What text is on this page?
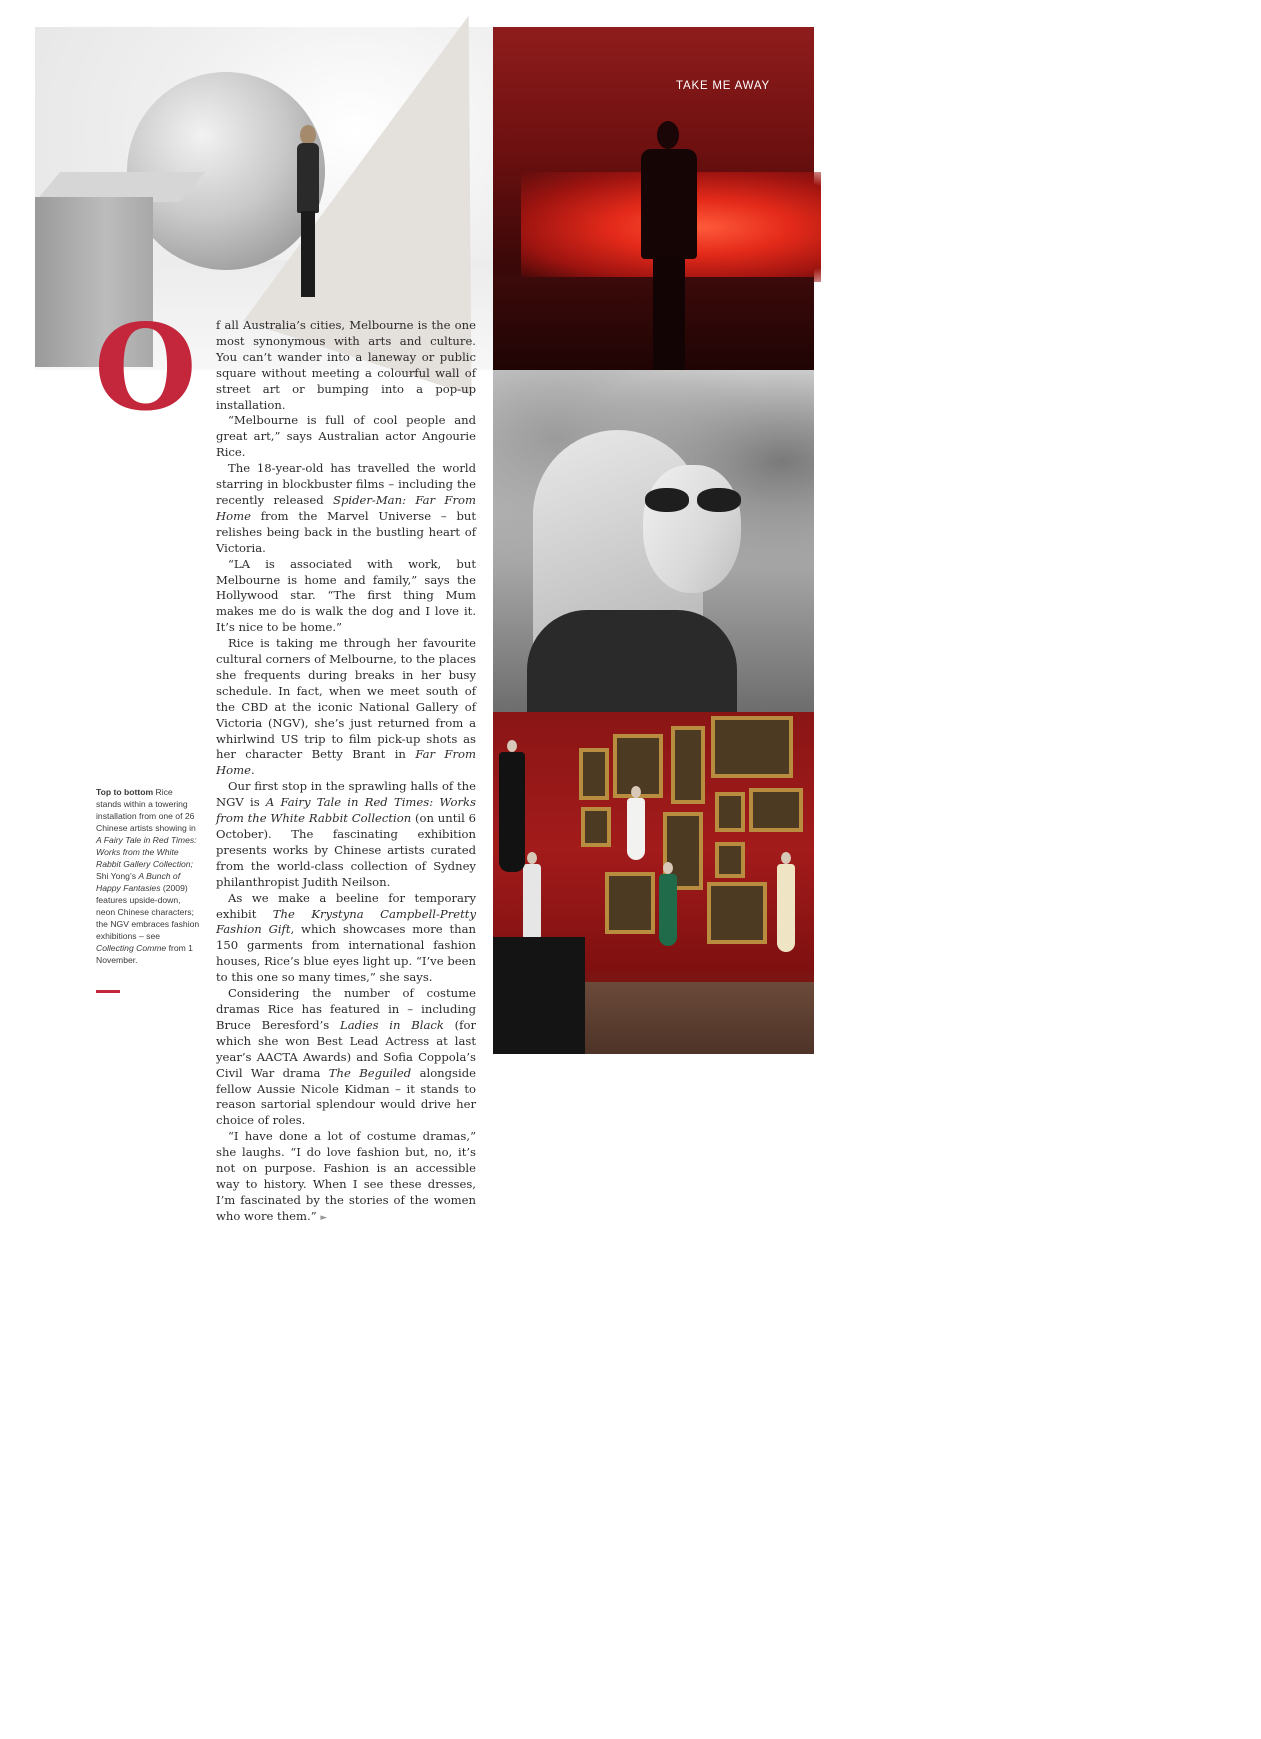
TAKE ME AWAY
virginaustralia.com	51
O f all Australia’s cities, Melbourne is the one most synonymous with arts and culture. You can’t wander into a laneway or public square without meeting a colourful wall of street art or bumping into a pop-up installation.

“Melbourne is full of cool people and great art,” says Australian actor Angourie Rice.

The 18-year-old has travelled the world starring in blockbuster films – including the recently released Spider-Man: Far From Home from the Marvel Universe – but relishes being back in the bustling heart of Victoria.

“LA is associated with work, but Melbourne is home and family,” says the Hollywood star. “The first thing Mum makes me do is walk the dog and I love it. It’s nice to be home.”

Rice is taking me through her favourite cultural corners of Melbourne, to the places she frequents during breaks in her busy schedule. In fact, when we meet south of the CBD at the iconic National Gallery of Victoria (NGV), she’s just returned from a whirlwind US trip to film pick-up shots as her character Betty Brant in Far From Home.

Our first stop in the sprawling halls of the NGV is A Fairy Tale in Red Times: Works from the White Rabbit Collection (on until 6 October). The fascinating exhibition presents works by Chinese artists curated from the world-class collection of Sydney philanthropist Judith Neilson.

As we make a beeline for temporary exhibit The Krystyna Campbell-Pretty Fashion Gift, which showcases more than 150 garments from international fashion houses, Rice’s blue eyes light up. “I’ve been to this one so many times,” she says.

Considering the number of costume dramas Rice has featured in – including Bruce Beresford’s Ladies in Black (for which she won Best Lead Actress at last year’s AACTA Awards) and Sofia Coppola’s Civil War drama The Beguiled alongside fellow Aussie Nicole Kidman – it stands to reason sartorial splendour would drive her choice of roles.

“I have done a lot of costume dramas,” she laughs. “I do love fashion but, no, it’s not on purpose. Fashion is an accessible way to history. When I see these dresses, I’m fascinated by the stories of the women who wore them.” ►

Top to bottom Rice stands within a towering installation from one of 26 Chinese artists showing in A Fairy Tale in Red Times: Works from the White Rabbit Gallery Collection; Shi Yong’s A Bunch of Happy Fantasies (2009) features upside-down, neon Chinese characters; the NGV embraces fashion exhibitions – see Collecting Comme from 1 November.
